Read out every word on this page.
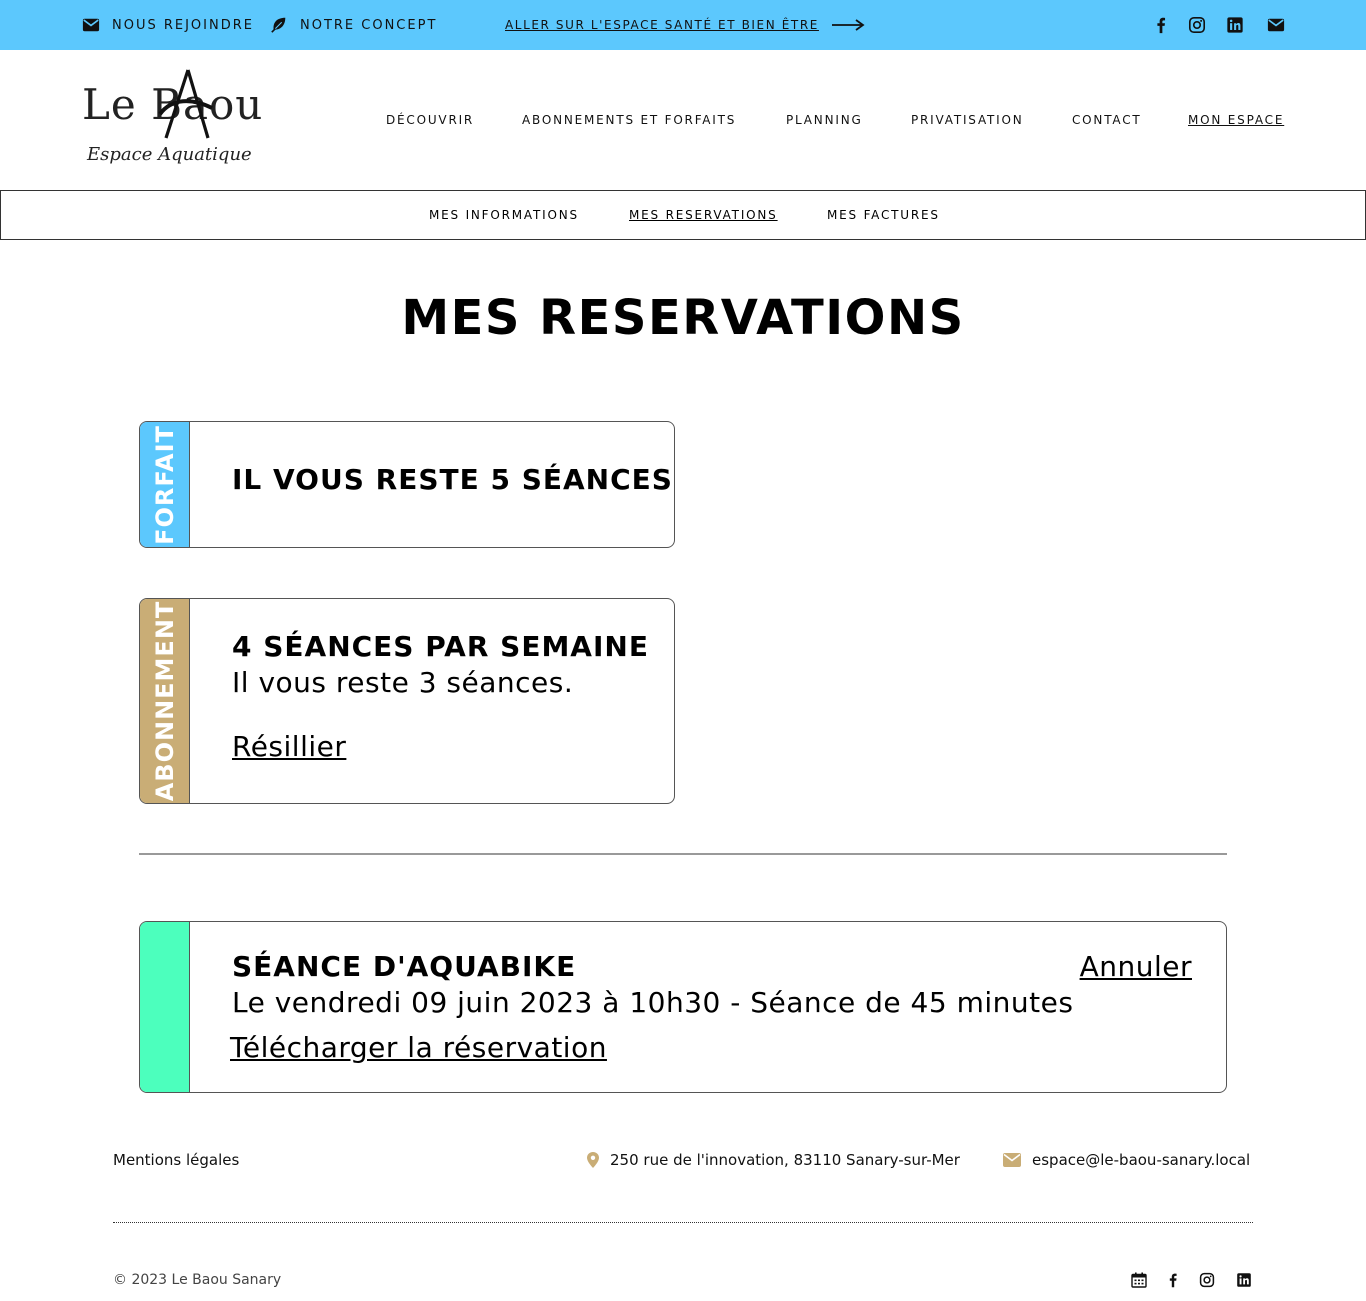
NOUS REJOINDRE	NOTRE CONCEPT	ALLER SUR L'ESPACE SANTÉ ET BIEN ÊTRE
Le Baou
Espace Aquatique
DÉCOUVRIR	ABONNEMENTS ET FORFAITS	PLANNING	PRIVATISATION	CONTACT	MON ESPACE
MES INFORMATIONS	MES RESERVATIONS	MES FACTURES
MES RESERVATIONS
FORFAIT IL VOUS RESTE 5 SÉANCES
ABONNEMENT 4 SÉANCES PAR SEMAINE
Il vous reste 3 séances.
Résillier
SÉANCE D'AQUABIKE
Le vendredi 09 juin 2023 à 10h30 - Séance de 45 minutes
Télécharger la réservation
Annuler
Mentions légales	250 rue de l'innovation, 83110 Sanary-sur-Mer	espace@le-baou-sanary.local
© 2023 Le Baou Sanary
